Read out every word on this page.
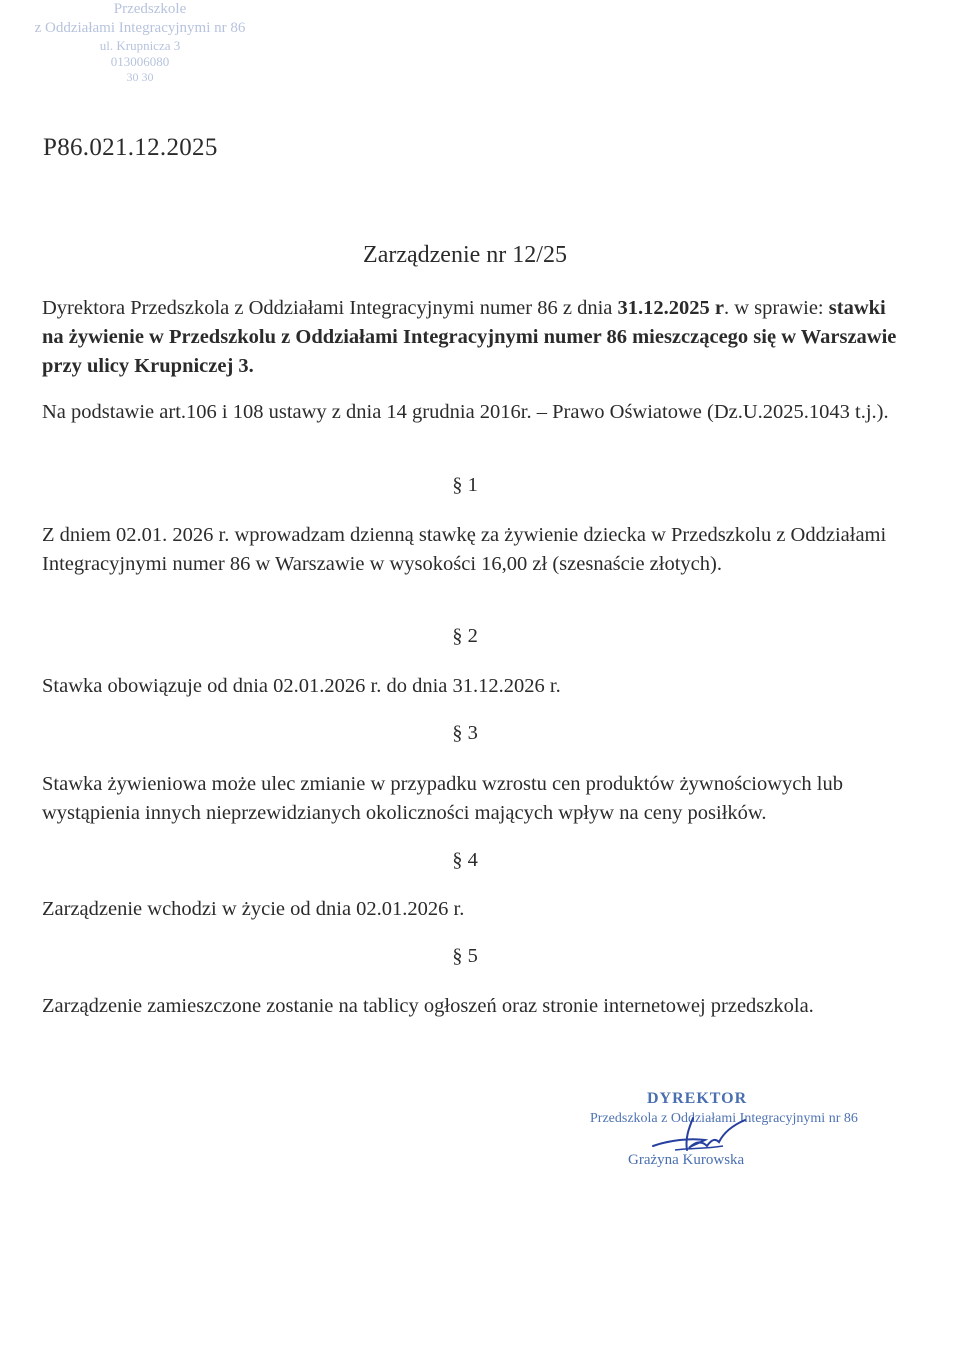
Przedszkole
z Oddziałami Integracyjnymi nr 86
ul. Krupnicza 3
013006080
30 30
P86.021.12.2025
Zarządzenie nr 12/25
Dyrektora Przedszkola z Oddziałami Integracyjnymi numer 86 z dnia 31.12.2025 r. w sprawie: stawki na żywienie w Przedszkolu z Oddziałami Integracyjnymi numer 86 mieszczącego się w Warszawie przy ulicy Krupniczej 3.
Na podstawie art.106 i 108 ustawy z dnia 14 grudnia 2016r. – Prawo Oświatowe (Dz.U.2025.1043 t.j.).
§ 1
Z dniem 02.01. 2026 r. wprowadzam dzienną stawkę za żywienie dziecka w Przedszkolu z Oddziałami Integracyjnymi numer 86 w Warszawie w wysokości 16,00 zł (szesnaście złotych).
§ 2
Stawka obowiązuje od dnia 02.01.2026 r. do dnia 31.12.2026 r.
§ 3
Stawka żywieniowa może ulec zmianie w przypadku wzrostu cen produktów żywnościowych lub wystąpienia innych nieprzewidzianych okoliczności mających wpływ na ceny posiłków.
§ 4
Zarządzenie wchodzi w życie od dnia 02.01.2026 r.
§ 5
Zarządzenie zamieszczone zostanie na tablicy ogłoszeń oraz stronie internetowej przedszkola.
DYREKTOR
Przedszkola z Oddziałami Integracyjnymi nr 86
Grażyna Kurowska
